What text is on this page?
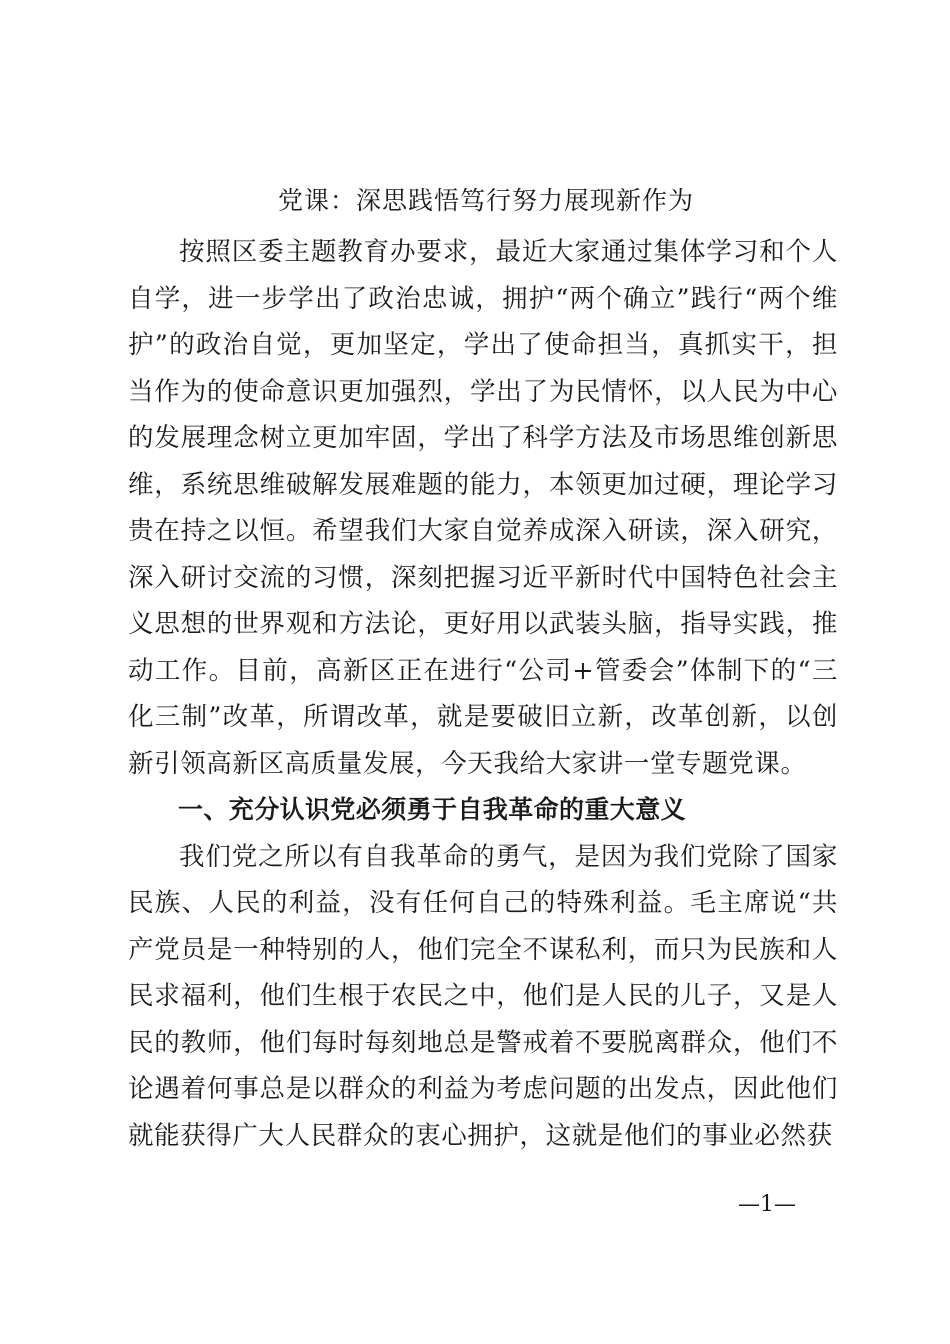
党课：深思践悟笃行努力展现新作为

按照区委主题教育办要求，最近大家通过集体学习和个人自学，进一步学出了政治忠诚，拥护“两个确立”践行“两个维护”的政治自觉，更加坚定，学出了使命担当，真抓实干，担当作为的使命意识更加强烈，学出了为民情怀，以人民为中心的发展理念树立更加牢固，学出了科学方法及市场思维创新思维，系统思维破解发展难题的能力，本领更加过硬，理论学习贵在持之以恒。希望我们大家自觉养成深入研读，深入研究，深入研讨交流的习惯，深刻把握习近平新时代中国特色社会主义思想的世界观和方法论，更好用以武装头脑，指导实践，推动工作。目前，高新区正在进行“公司+管委会”体制下的“三化三制”改革，所谓改革，就是要破旧立新，改革创新，以创新引领高新区高质量发展，今天我给大家讲一堂专题党课。

一、充分认识党必须勇于自我革命的重大意义

我们党之所以有自我革命的勇气，是因为我们党除了国家民族、人民的利益，没有任何自己的特殊利益。毛主席说“共产党员是一种特别的人，他们完全不谋私利，而只为民族和人民求福利，他们生根于农民之中，他们是人民的儿子，又是人民的教师，他们每时每刻地总是警戒着不要脱离群众，他们不论遇着何事总是以群众的利益为考虑问题的出发点，因此他们就能获得广大人民群众的衷心拥护，这就是他们的事业必然获

—1—
